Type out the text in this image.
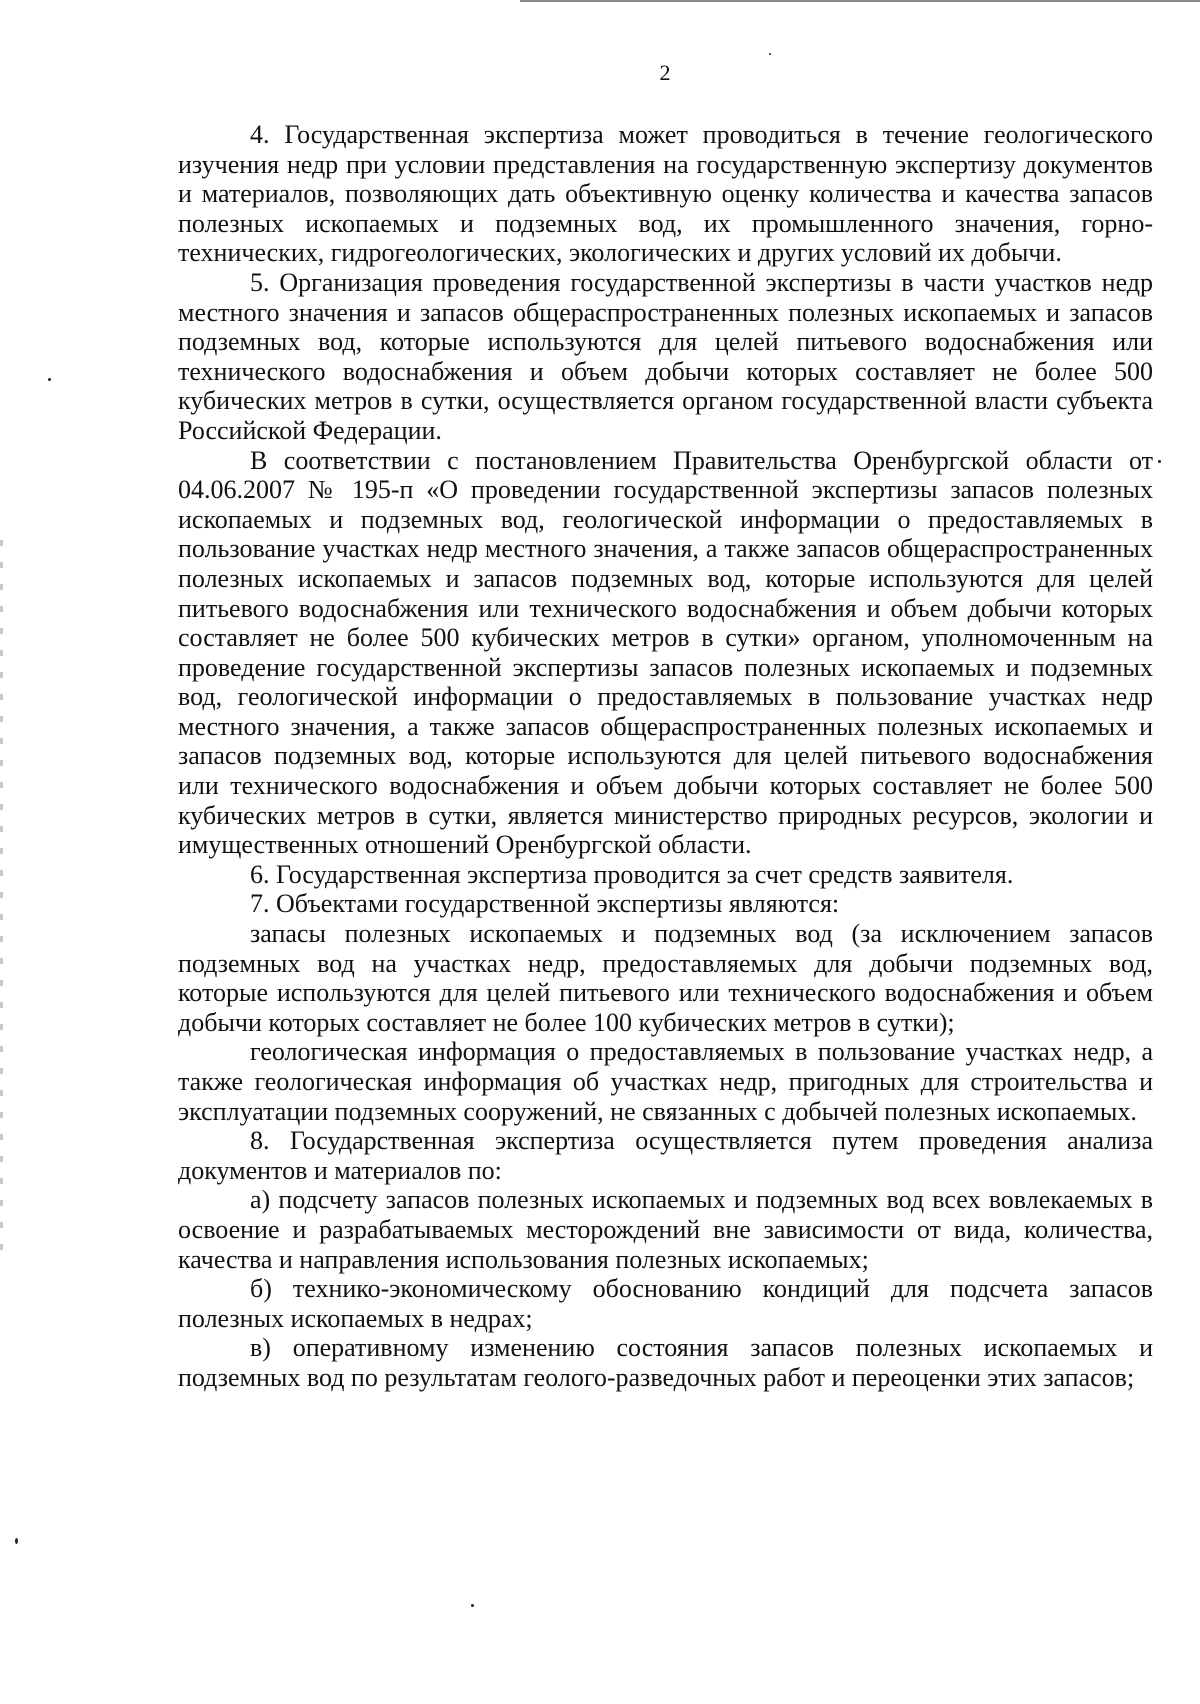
2

4. Государственная экспертиза может проводиться в течение геологического изучения недр при условии представления на государственную экспертизу документов и материалов, позволяющих дать объективную оценку количества и качества запасов полезных ископаемых и подземных вод, их промышленного значения, горно-технических, гидрогеологических, экологических и других условий их добычи.

5. Организация проведения государственной экспертизы в части участков недр местного значения и запасов общераспространенных полезных ископаемых и запасов подземных вод, которые используются для целей питьевого водоснабжения или технического водоснабжения и объем добычи которых составляет не более 500 кубических метров в сутки, осуществляется органом государственной власти субъекта Российской Федерации.

В соответствии с постановлением Правительства Оренбургской области от 04.06.2007 № 195-п «О проведении государственной экспертизы запасов полезных ископаемых и подземных вод, геологической информации о предоставляемых в пользование участках недр местного значения, а также запасов общераспространенных полезных ископаемых и запасов подземных вод, которые используются для целей питьевого водоснабжения или технического водоснабжения и объем добычи которых составляет не более 500 кубических метров в сутки» органом, уполномоченным на проведение государственной экспертизы запасов полезных ископаемых и подземных вод, геологической информации о предоставляемых в пользование участках недр местного значения, а также запасов общераспространенных полезных ископаемых и запасов подземных вод, которые используются для целей питьевого водоснабжения или технического водоснабжения и объем добычи которых составляет не более 500 кубических метров в сутки, является министерство природных ресурсов, экологии и имущественных отношений Оренбургской области.

6. Государственная экспертиза проводится за счет средств заявителя.

7. Объектами государственной экспертизы являются:

запасы полезных ископаемых и подземных вод (за исключением запасов подземных вод на участках недр, предоставляемых для добычи подземных вод, которые используются для целей питьевого или технического водоснабжения и объем добычи которых составляет не более 100 кубических метров в сутки);

геологическая информация о предоставляемых в пользование участках недр, а также геологическая информация об участках недр, пригодных для строительства и эксплуатации подземных сооружений, не связанных с добычей полезных ископаемых.

8. Государственная экспертиза осуществляется путем проведения анализа документов и материалов по:

а) подсчету запасов полезных ископаемых и подземных вод всех вовлекаемых в освоение и разрабатываемых месторождений вне зависимости от вида, количества, качества и направления использования полезных ископаемых;

б) технико-экономическому обоснованию кондиций для подсчета запасов полезных ископаемых в недрах;

в) оперативному изменению состояния запасов полезных ископаемых и подземных вод по результатам геолого-разведочных работ и переоценки этих запасов;
